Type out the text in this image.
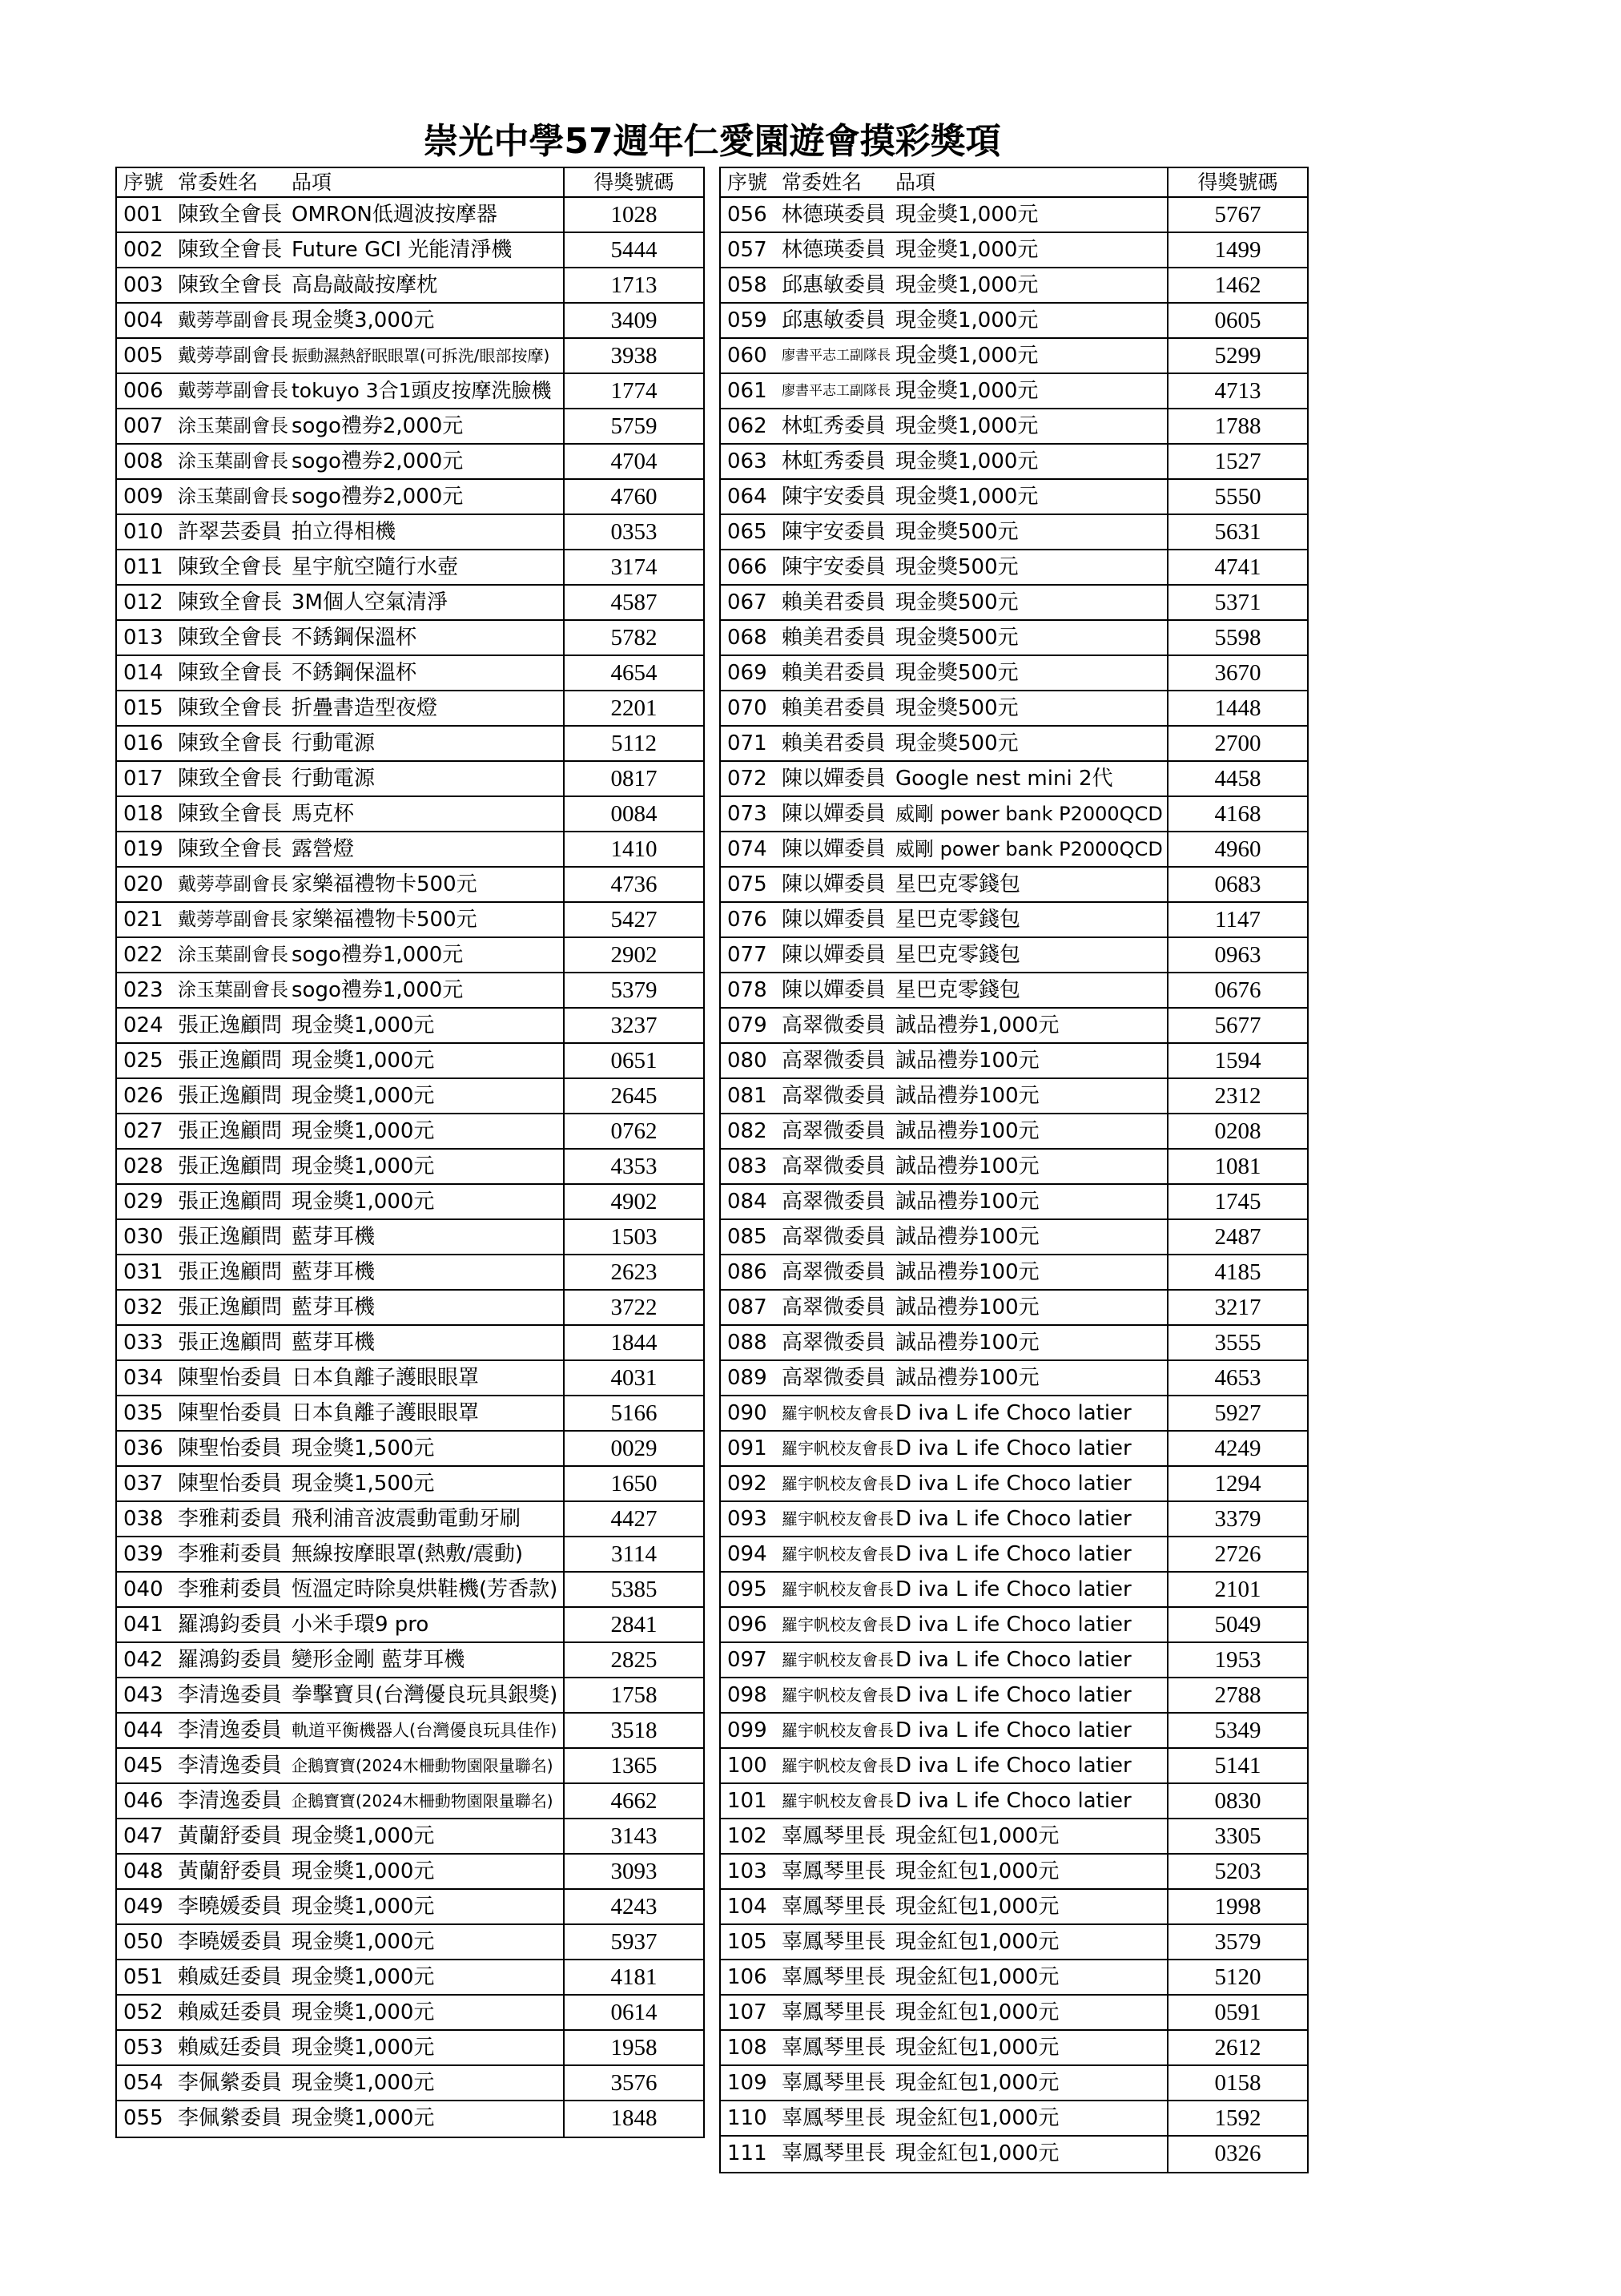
崇光中學57週年仁愛園遊會摸彩獎項
序號 常委姓名	品項	得獎號碼
001 陳致全會長 OMRON低週波按摩器	1028
002 陳致全會長 Future GCI 光能清淨機	5444
003 陳致全會長 高島敲敲按摩枕	1713
004 戴蒡葶副會長 現金獎3,000元	3409
005 戴蒡葶副會長 振動濕熱舒眠眼罩(可拆洗/眼部按摩)	3938
006 戴蒡葶副會長 tokuyo 3合1頭皮按摩洗臉機	1774
007 涂玉葉副會長 sogo禮券2,000元	5759
008 涂玉葉副會長 sogo禮券2,000元	4704
009 涂玉葉副會長 sogo禮券2,000元	4760
010 許翠芸委員 拍立得相機	0353
011 陳致全會長 星宇航空隨行水壺	3174
012 陳致全會長 3M個人空氣清淨	4587
013 陳致全會長 不銹鋼保溫杯	5782
014 陳致全會長 不銹鋼保溫杯	4654
015 陳致全會長 折疊書造型夜燈	2201
016 陳致全會長 行動電源	5112
017 陳致全會長 行動電源	0817
018 陳致全會長 馬克杯	0084
019 陳致全會長 露營燈	1410
020 戴蒡葶副會長 家樂福禮物卡500元	4736
021 戴蒡葶副會長 家樂福禮物卡500元	5427
022 涂玉葉副會長 sogo禮券1,000元	2902
023 涂玉葉副會長 sogo禮券1,000元	5379
024 張正逸顧問 現金獎1,000元	3237
025 張正逸顧問 現金獎1,000元	0651
026 張正逸顧問 現金獎1,000元	2645
027 張正逸顧問 現金獎1,000元	0762
028 張正逸顧問 現金獎1,000元	4353
029 張正逸顧問 現金獎1,000元	4902
030 張正逸顧問 藍芽耳機	1503
031 張正逸顧問 藍芽耳機	2623
032 張正逸顧問 藍芽耳機	3722
033 張正逸顧問 藍芽耳機	1844
034 陳聖怡委員 日本負離子護眼眼罩	4031
035 陳聖怡委員 日本負離子護眼眼罩	5166
036 陳聖怡委員 現金獎1,500元	0029
037 陳聖怡委員 現金獎1,500元	1650
038 李雅莉委員 飛利浦音波震動電動牙刷	4427
039 李雅莉委員 無線按摩眼罩(熱敷/震動)	3114
040 李雅莉委員 恆溫定時除臭烘鞋機(芳香款)	5385
041 羅鴻鈞委員 小米手環9 pro	2841
042 羅鴻鈞委員 變形金剛 藍芽耳機	2825
043 李清逸委員 拳擊寶貝(台灣優良玩具銀獎)	1758
044 李清逸委員 軌道平衡機器人(台灣優良玩具佳作)	3518
045 李清逸委員 企鵝寶寶(2024木柵動物園限量聯名)	1365
046 李清逸委員 企鵝寶寶(2024木柵動物園限量聯名)	4662
047 黃蘭舒委員 現金獎1,000元	3143
048 黃蘭舒委員 現金獎1,000元	3093
049 李曉媛委員 現金獎1,000元	4243
050 李曉媛委員 現金獎1,000元	5937
051 賴威廷委員 現金獎1,000元	4181
052 賴威廷委員 現金獎1,000元	0614
053 賴威廷委員 現金獎1,000元	1958
054 李佩縈委員 現金獎1,000元	3576
055 李佩縈委員 現金獎1,000元	1848
序號 常委姓名	品項	得獎號碼
056 林德瑛委員 現金獎1,000元	5767
057 林德瑛委員 現金獎1,000元	1499
058 邱惠敏委員 現金獎1,000元	1462
059 邱惠敏委員 現金獎1,000元	0605
060	廖書平志工副隊長 現金獎1,000元	5299
061	廖書平志工副隊長 現金獎1,000元	4713
062 林虹秀委員 現金獎1,000元	1788
063 林虹秀委員 現金獎1,000元	1527
064 陳宇安委員 現金獎1,000元	5550
065 陳宇安委員 現金獎500元	5631
066 陳宇安委員 現金獎500元	4741
067 賴美君委員 現金獎500元	5371
068 賴美君委員 現金獎500元	5598
069 賴美君委員 現金獎500元	3670
070 賴美君委員 現金獎500元	1448
071 賴美君委員 現金獎500元	2700
072 陳以嬋委員 Google nest mini 2代	4458
073 陳以嬋委員 威剛 power bank P2000QCD	4168
074 陳以嬋委員 威剛 power bank P2000QCD	4960
075 陳以嬋委員 星巴克零錢包	0683
076 陳以嬋委員 星巴克零錢包	1147
077 陳以嬋委員 星巴克零錢包	0963
078 陳以嬋委員 星巴克零錢包	0676
079 高翠微委員 誠品禮券1,000元	5677
080 高翠微委員 誠品禮券100元	1594
081 高翠微委員 誠品禮券100元	2312
082 高翠微委員 誠品禮券100元	0208
083 高翠微委員 誠品禮券100元	1081
084 高翠微委員 誠品禮券100元	1745
085 高翠微委員 誠品禮券100元	2487
086 高翠微委員 誠品禮券100元	4185
087 高翠微委員 誠品禮券100元	3217
088 高翠微委員 誠品禮券100元	3555
089 高翠微委員 誠品禮券100元	4653
090 羅宇帆校友會長 D iva L ife Choco latier	5927
091 羅宇帆校友會長 D iva L ife Choco latier	4249
092 羅宇帆校友會長 D iva L ife Choco latier	1294
093 羅宇帆校友會長 D iva L ife Choco latier	3379
094 羅宇帆校友會長 D iva L ife Choco latier	2726
095 羅宇帆校友會長 D iva L ife Choco latier	2101
096 羅宇帆校友會長 D iva L ife Choco latier	5049
097 羅宇帆校友會長 D iva L ife Choco latier	1953
098 羅宇帆校友會長 D iva L ife Choco latier	2788
099 羅宇帆校友會長 D iva L ife Choco latier	5349
100 羅宇帆校友會長 D iva L ife Choco latier	5141
101 羅宇帆校友會長 D iva L ife Choco latier	0830
102 辜鳳琴里長 現金紅包1,000元	3305
103 辜鳳琴里長 現金紅包1,000元	5203
104 辜鳳琴里長 現金紅包1,000元	1998
105 辜鳳琴里長 現金紅包1,000元	3579
106 辜鳳琴里長 現金紅包1,000元	5120
107 辜鳳琴里長 現金紅包1,000元	0591
108 辜鳳琴里長 現金紅包1,000元	2612
109 辜鳳琴里長 現金紅包1,000元	0158
110 辜鳳琴里長 現金紅包1,000元	1592
111 辜鳳琴里長 現金紅包1,000元	0326
